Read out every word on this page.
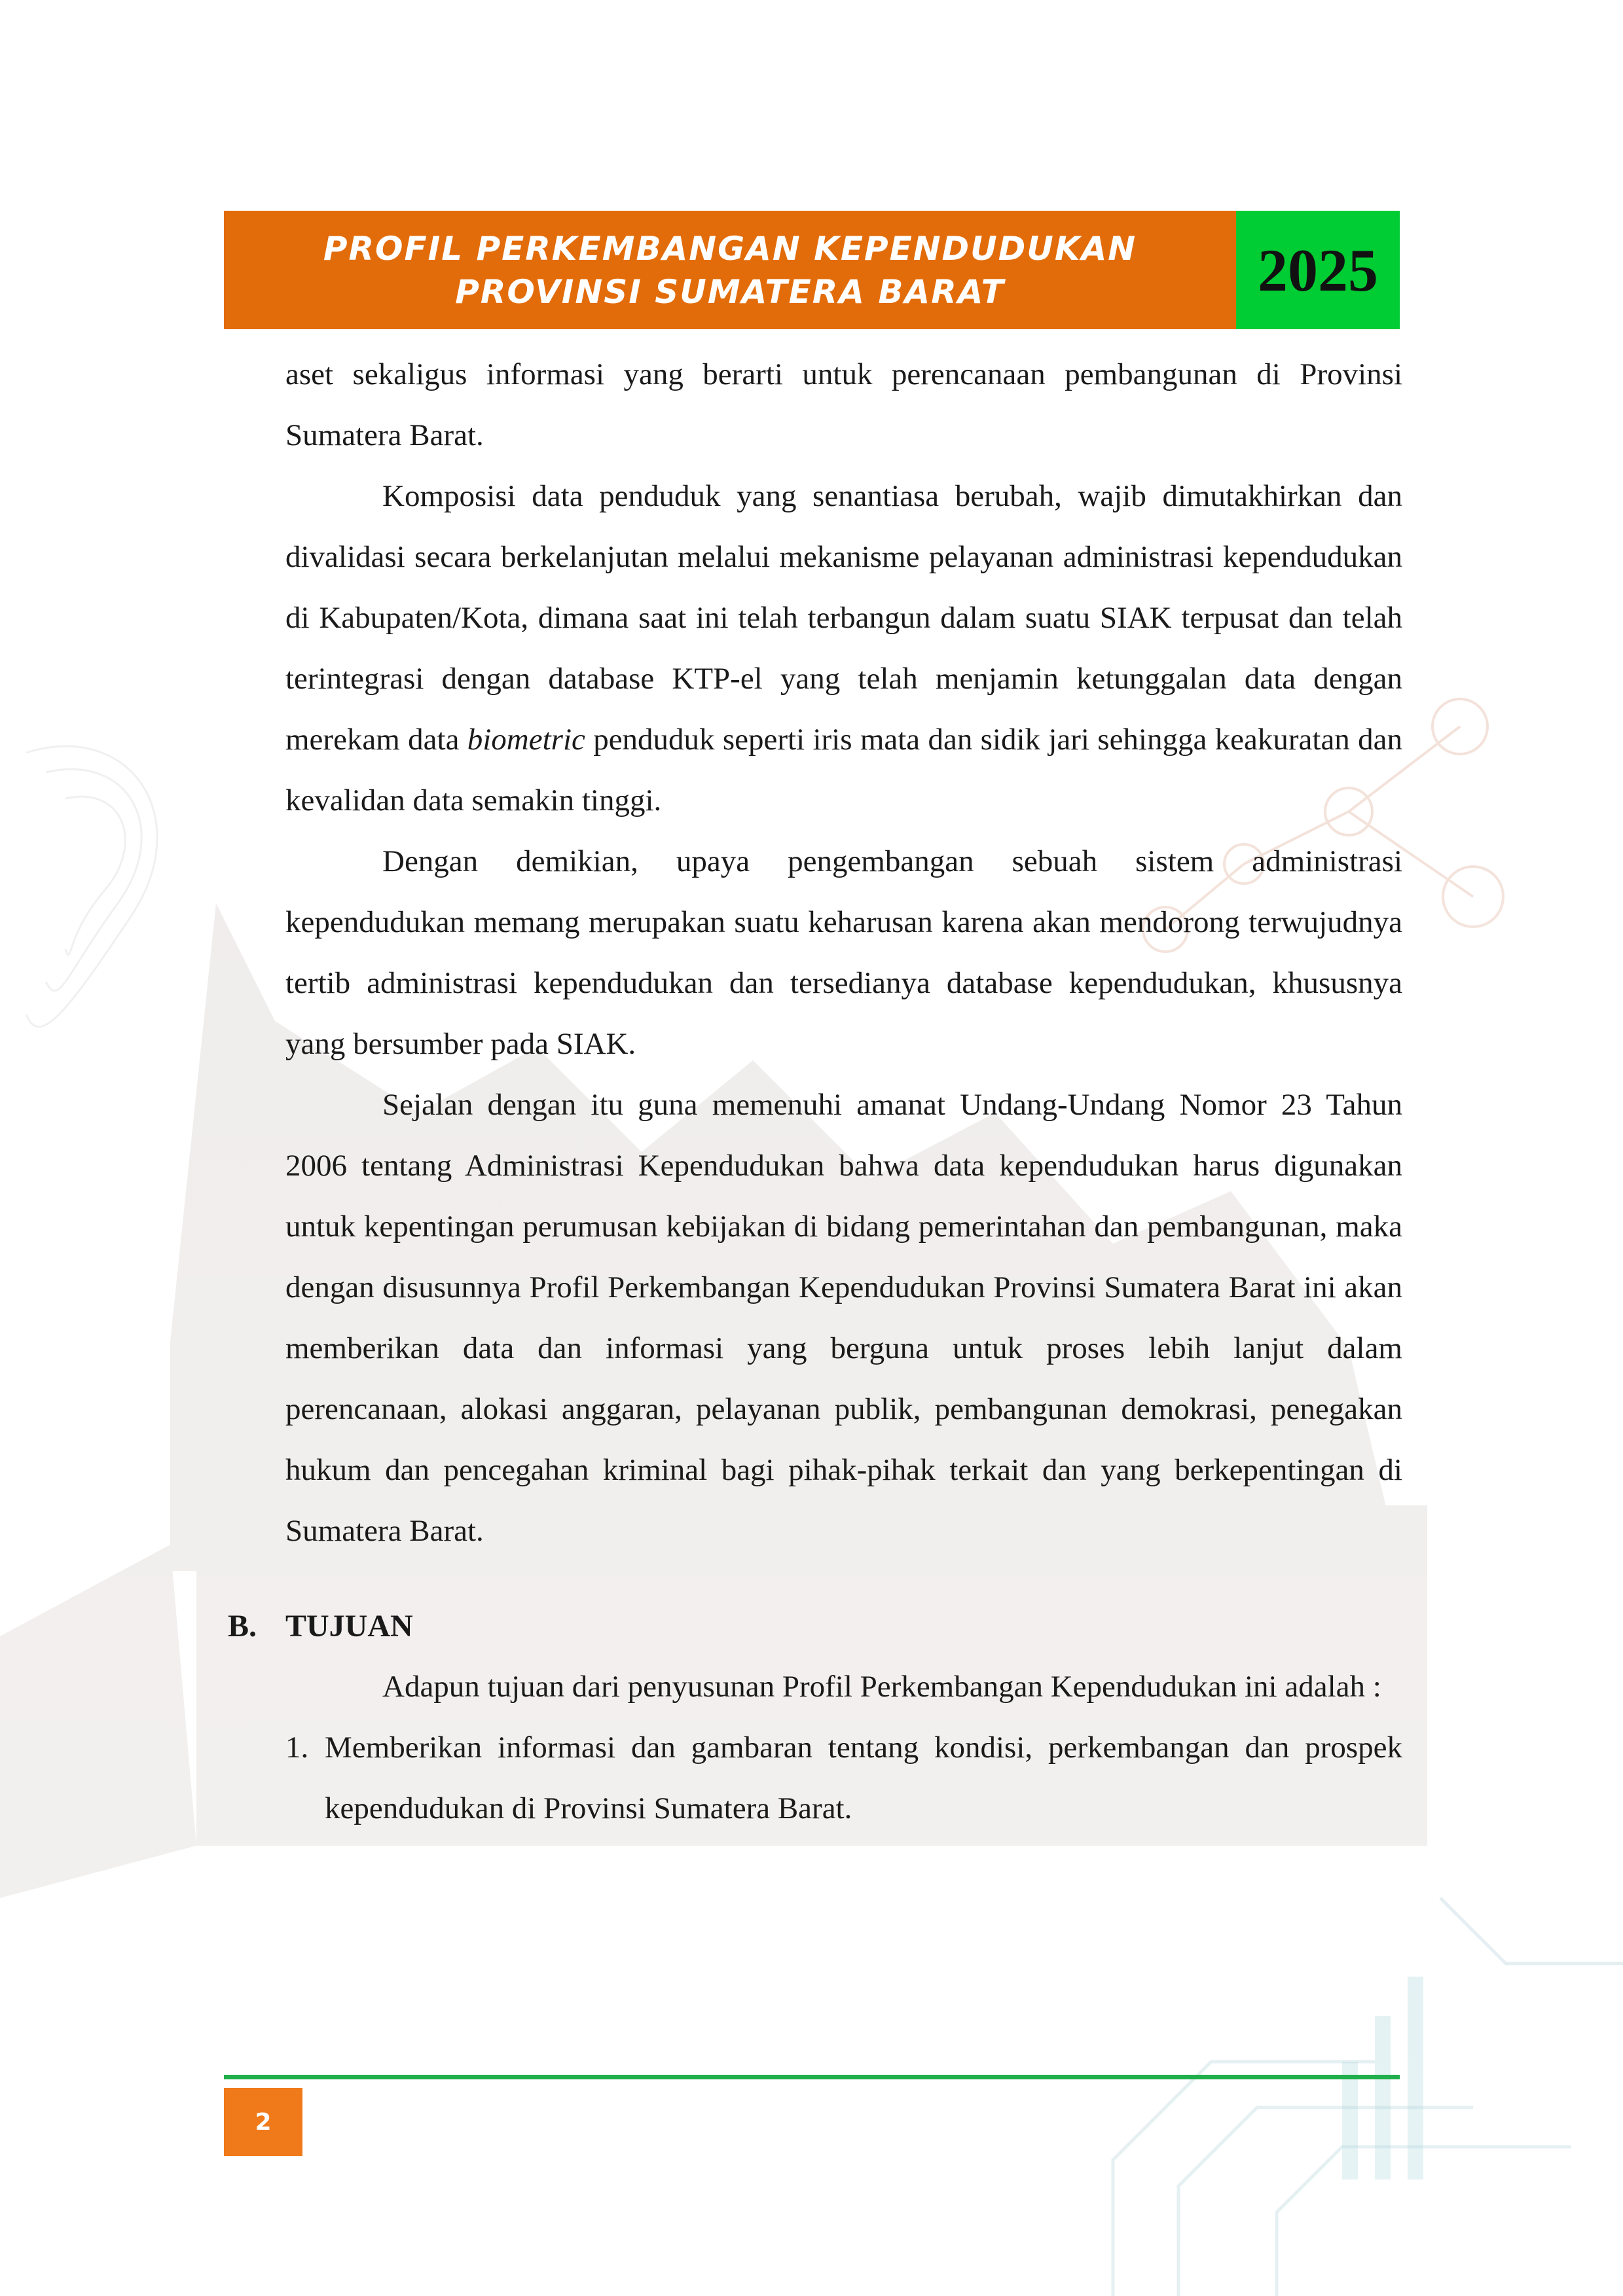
PROFIL PERKEMBANGAN KEPENDUDUKAN
PROVINSI SUMATERA BARAT	2025

aset sekaligus informasi yang berarti untuk perencanaan pembangunan di Provinsi Sumatera Barat.

Komposisi data penduduk yang senantiasa berubah, wajib dimutakhirkan dan divalidasi secara berkelanjutan melalui mekanisme pelayanan administrasi kependudukan di Kabupaten/Kota, dimana saat ini telah terbangun dalam suatu SIAK terpusat dan telah terintegrasi dengan database KTP-el yang telah menjamin ketunggalan data dengan merekam data biometric penduduk seperti iris mata dan sidik jari sehingga keakuratan dan kevalidan data semakin tinggi.

Dengan demikian, upaya pengembangan sebuah sistem administrasi kependudukan memang merupakan suatu keharusan karena akan mendorong terwujudnya tertib administrasi kependudukan dan tersedianya database kependudukan, khususnya yang bersumber pada SIAK.

Sejalan dengan itu guna memenuhi amanat Undang-Undang Nomor 23 Tahun 2006 tentang Administrasi Kependudukan bahwa data kependudukan harus digunakan untuk kepentingan perumusan kebijakan di bidang pemerintahan dan pembangunan, maka dengan disusunnya Profil Perkembangan Kependudukan Provinsi Sumatera Barat ini akan memberikan data dan informasi yang berguna untuk proses lebih lanjut dalam perencanaan, alokasi anggaran, pelayanan publik, pembangunan demokrasi, penegakan hukum dan pencegahan kriminal bagi pihak-pihak terkait dan yang berkepentingan di Sumatera Barat.

B. TUJUAN

Adapun tujuan dari penyusunan Profil Perkembangan Kependudukan ini adalah :

1. Memberikan informasi dan gambaran tentang kondisi, perkembangan dan prospek kependudukan di Provinsi Sumatera Barat.
2
